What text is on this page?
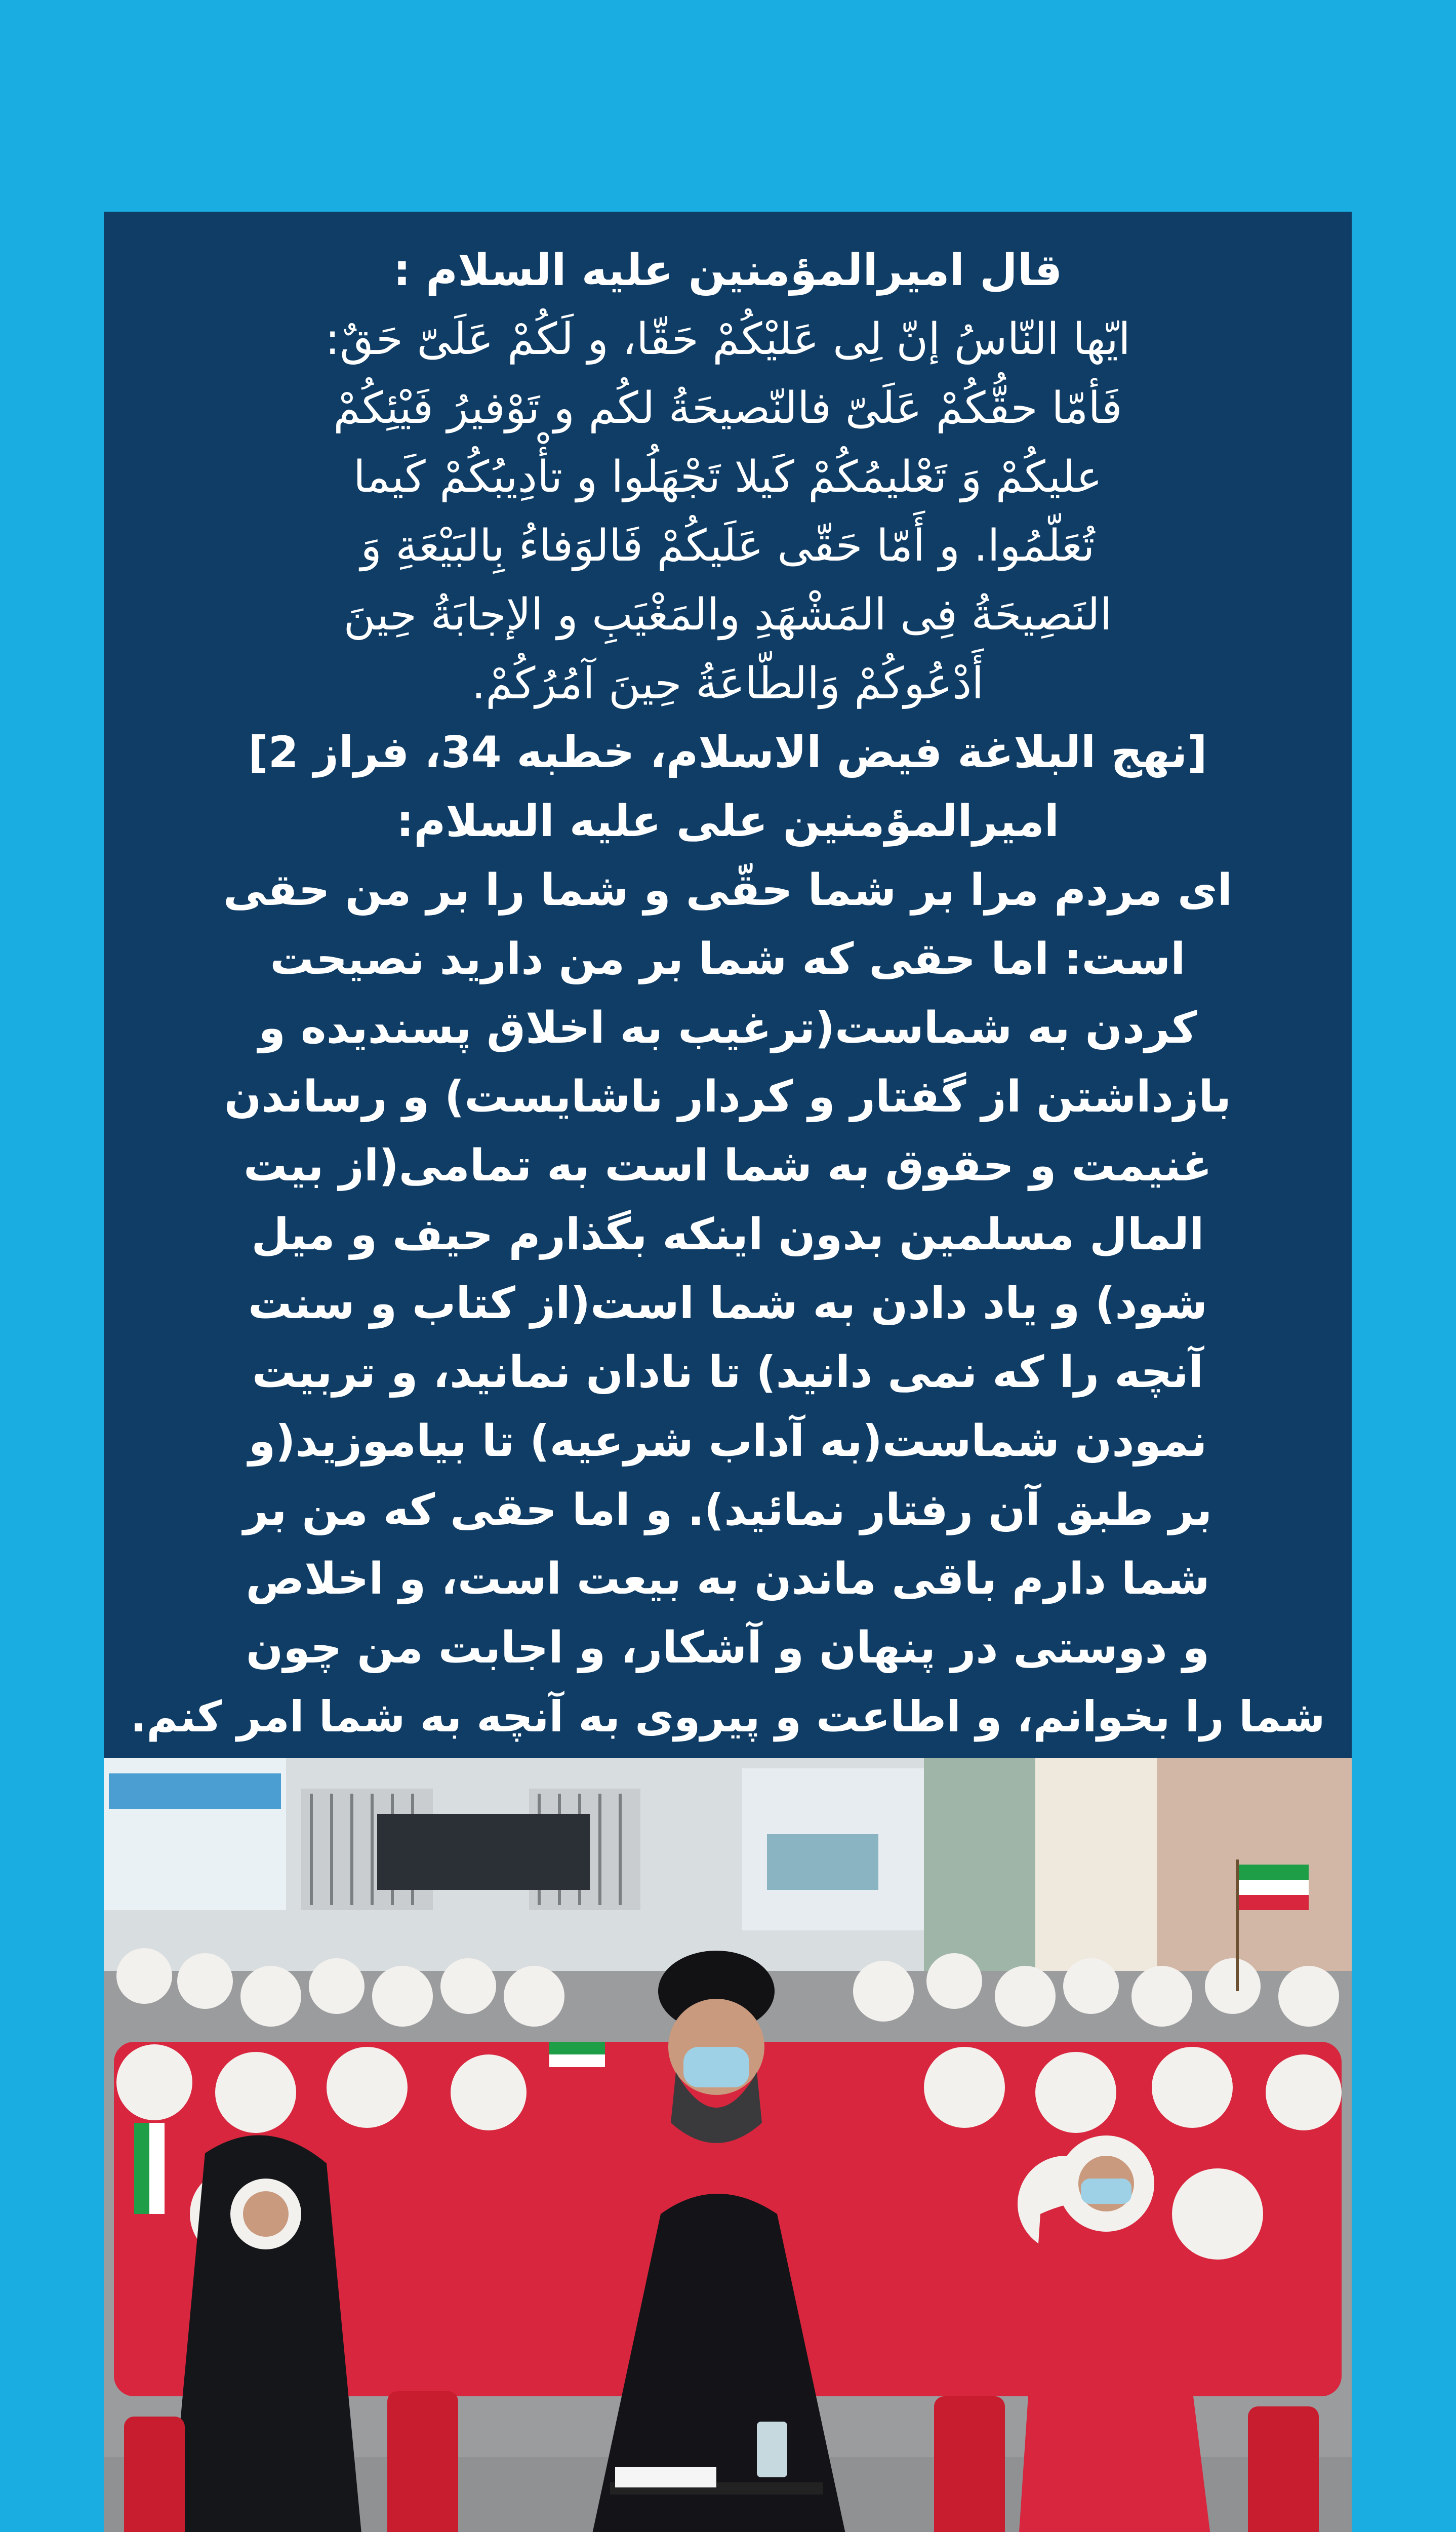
قال امیرالمؤمنین علیه السلام :

ایّها النّاسُ إنّ لِی عَلیْکُمْ حَقّا، و لَکُمْ عَلَیّ حَقٌ:

فَأمّا حقُّکُمْ عَلَیّ فالنّصیحَةُ لکُم و تَوْفیرُ فَیْئِکُمْ

علیکُمْ وَ تَعْلیمُکُمْ کَیلا تَجْهَلُوا و تأْدِیبُکُمْ کَیما

تُعَلّمُوا. و أَمّا حَقّی عَلَیکُمْ فَالوَفاءُ بِالبَیْعَةِ وَ

النَصِیحَةُ فِی المَشْهَدِ والمَغْیَبِ و الإجابَةُ حِینَ

أَدْعُوکُمْ وَالطّاعَةُ حِینَ آمُرُکُمْ.

[نهج البلاغة فیض الاسلام، خطبه 34، فراز 2]

امیرالمؤمنین علی علیه السلام:

ای مردم مرا بر شما حقّی و شما را بر من حقی

است: اما حقی که شما بر من دارید نصیحت

کردن به شماست(ترغیب به اخلاق پسندیده و

بازداشتن از گفتار و کردار ناشایست) و رساندن

غنیمت و حقوق به شما است به تمامی(از بیت

المال مسلمین بدون اینکه بگذارم حیف و میل

شود) و یاد دادن به شما است(از کتاب و سنت

آنچه را که نمی دانید) تا نادان نمانید، و تربیت

نمودن شماست(به آداب شرعیه) تا بیاموزید(و

بر طبق آن رفتار نمائید). و اما حقی که من بر

شما دارم باقی ماندن به بیعت است، و اخلاص

و دوستی در پنهان و آشکار، و اجابت من چون

شما را بخوانم، و اطاعت و پیروی به آنچه به شما امر کنم.
